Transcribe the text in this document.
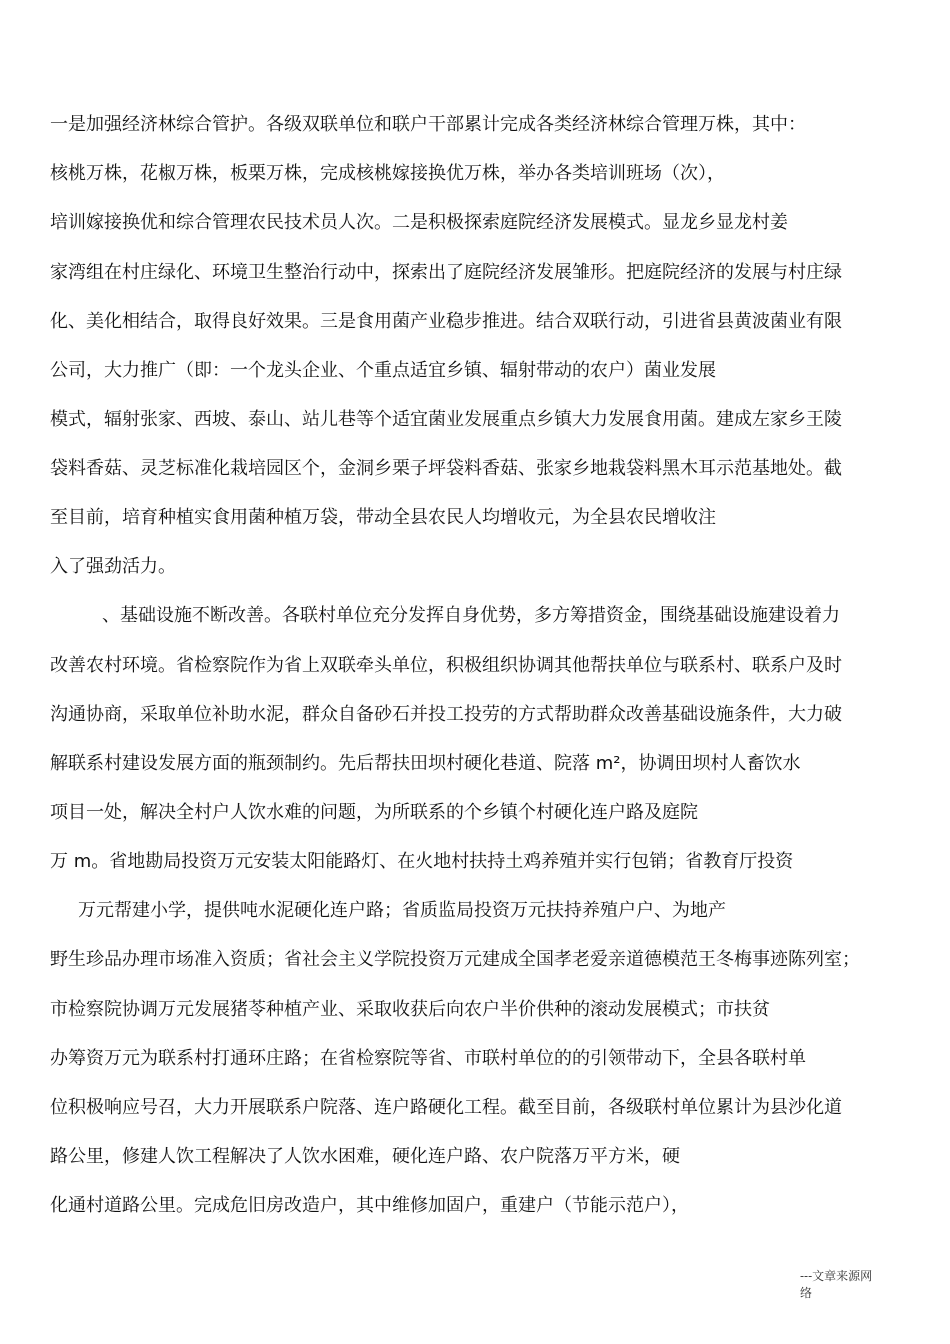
一是加强经济林综合管护。各级双联单位和联户干部累计完成各类经济林综合管理万株，其中：
核桃万株，花椒万株，板栗万株，完成核桃嫁接换优万株，举办各类培训班场（次），
培训嫁接换优和综合管理农民技术员人次。二是积极探索庭院经济发展模式。显龙乡显龙村姜
家湾组在村庄绿化、环境卫生整治行动中，探索出了庭院经济发展雏形。把庭院经济的发展与村庄绿
化、美化相结合，取得良好效果。三是食用菌产业稳步推进。结合双联行动，引进省县黄波菌业有限
公司，大力推广（即：一个龙头企业、个重点适宜乡镇、辐射带动的农户）菌业发展
模式，辐射张家、西坡、泰山、站儿巷等个适宜菌业发展重点乡镇大力发展食用菌。建成左家乡王陵
袋料香菇、灵芝标准化栽培园区个，金洞乡栗子坪袋料香菇、张家乡地栽袋料黑木耳示范基地处。截
至目前，培育种植实食用菌种植万袋，带动全县农民人均增收元，为全县农民增收注
入了强劲活力。
、基础设施不断改善。各联村单位充分发挥自身优势，多方筹措资金，围绕基础设施建设着力
改善农村环境。省检察院作为省上双联牵头单位，积极组织协调其他帮扶单位与联系村、联系户及时
沟通协商，采取单位补助水泥，群众自备砂石并投工投劳的方式帮助群众改善基础设施条件，大力破
解联系村建设发展方面的瓶颈制约。先后帮扶田坝村硬化巷道、院落 m²，协调田坝村人畜饮水
项目一处，解决全村户人饮水难的问题，为所联系的个乡镇个村硬化连户路及庭院
万 m。省地勘局投资万元安装太阳能路灯、在火地村扶持土鸡养殖并实行包销；省教育厅投资
万元帮建小学，提供吨水泥硬化连户路；省质监局投资万元扶持养殖户户、为地产
野生珍品办理市场准入资质；省社会主义学院投资万元建成全国孝老爱亲道德模范王冬梅事迹陈列室；
市检察院协调万元发展猪苓种植产业、采取收获后向农户半价供种的滚动发展模式；市扶贫
办筹资万元为联系村打通环庄路；在省检察院等省、市联村单位的的引领带动下，全县各联村单
位积极响应号召，大力开展联系户院落、连户路硬化工程。截至目前，各级联村单位累计为县沙化道
路公里，修建人饮工程解决了人饮水困难，硬化连户路、农户院落万平方米，硬
化通村道路公里。完成危旧房改造户，其中维修加固户，重建户（节能示范户），
---文章来源网
络
